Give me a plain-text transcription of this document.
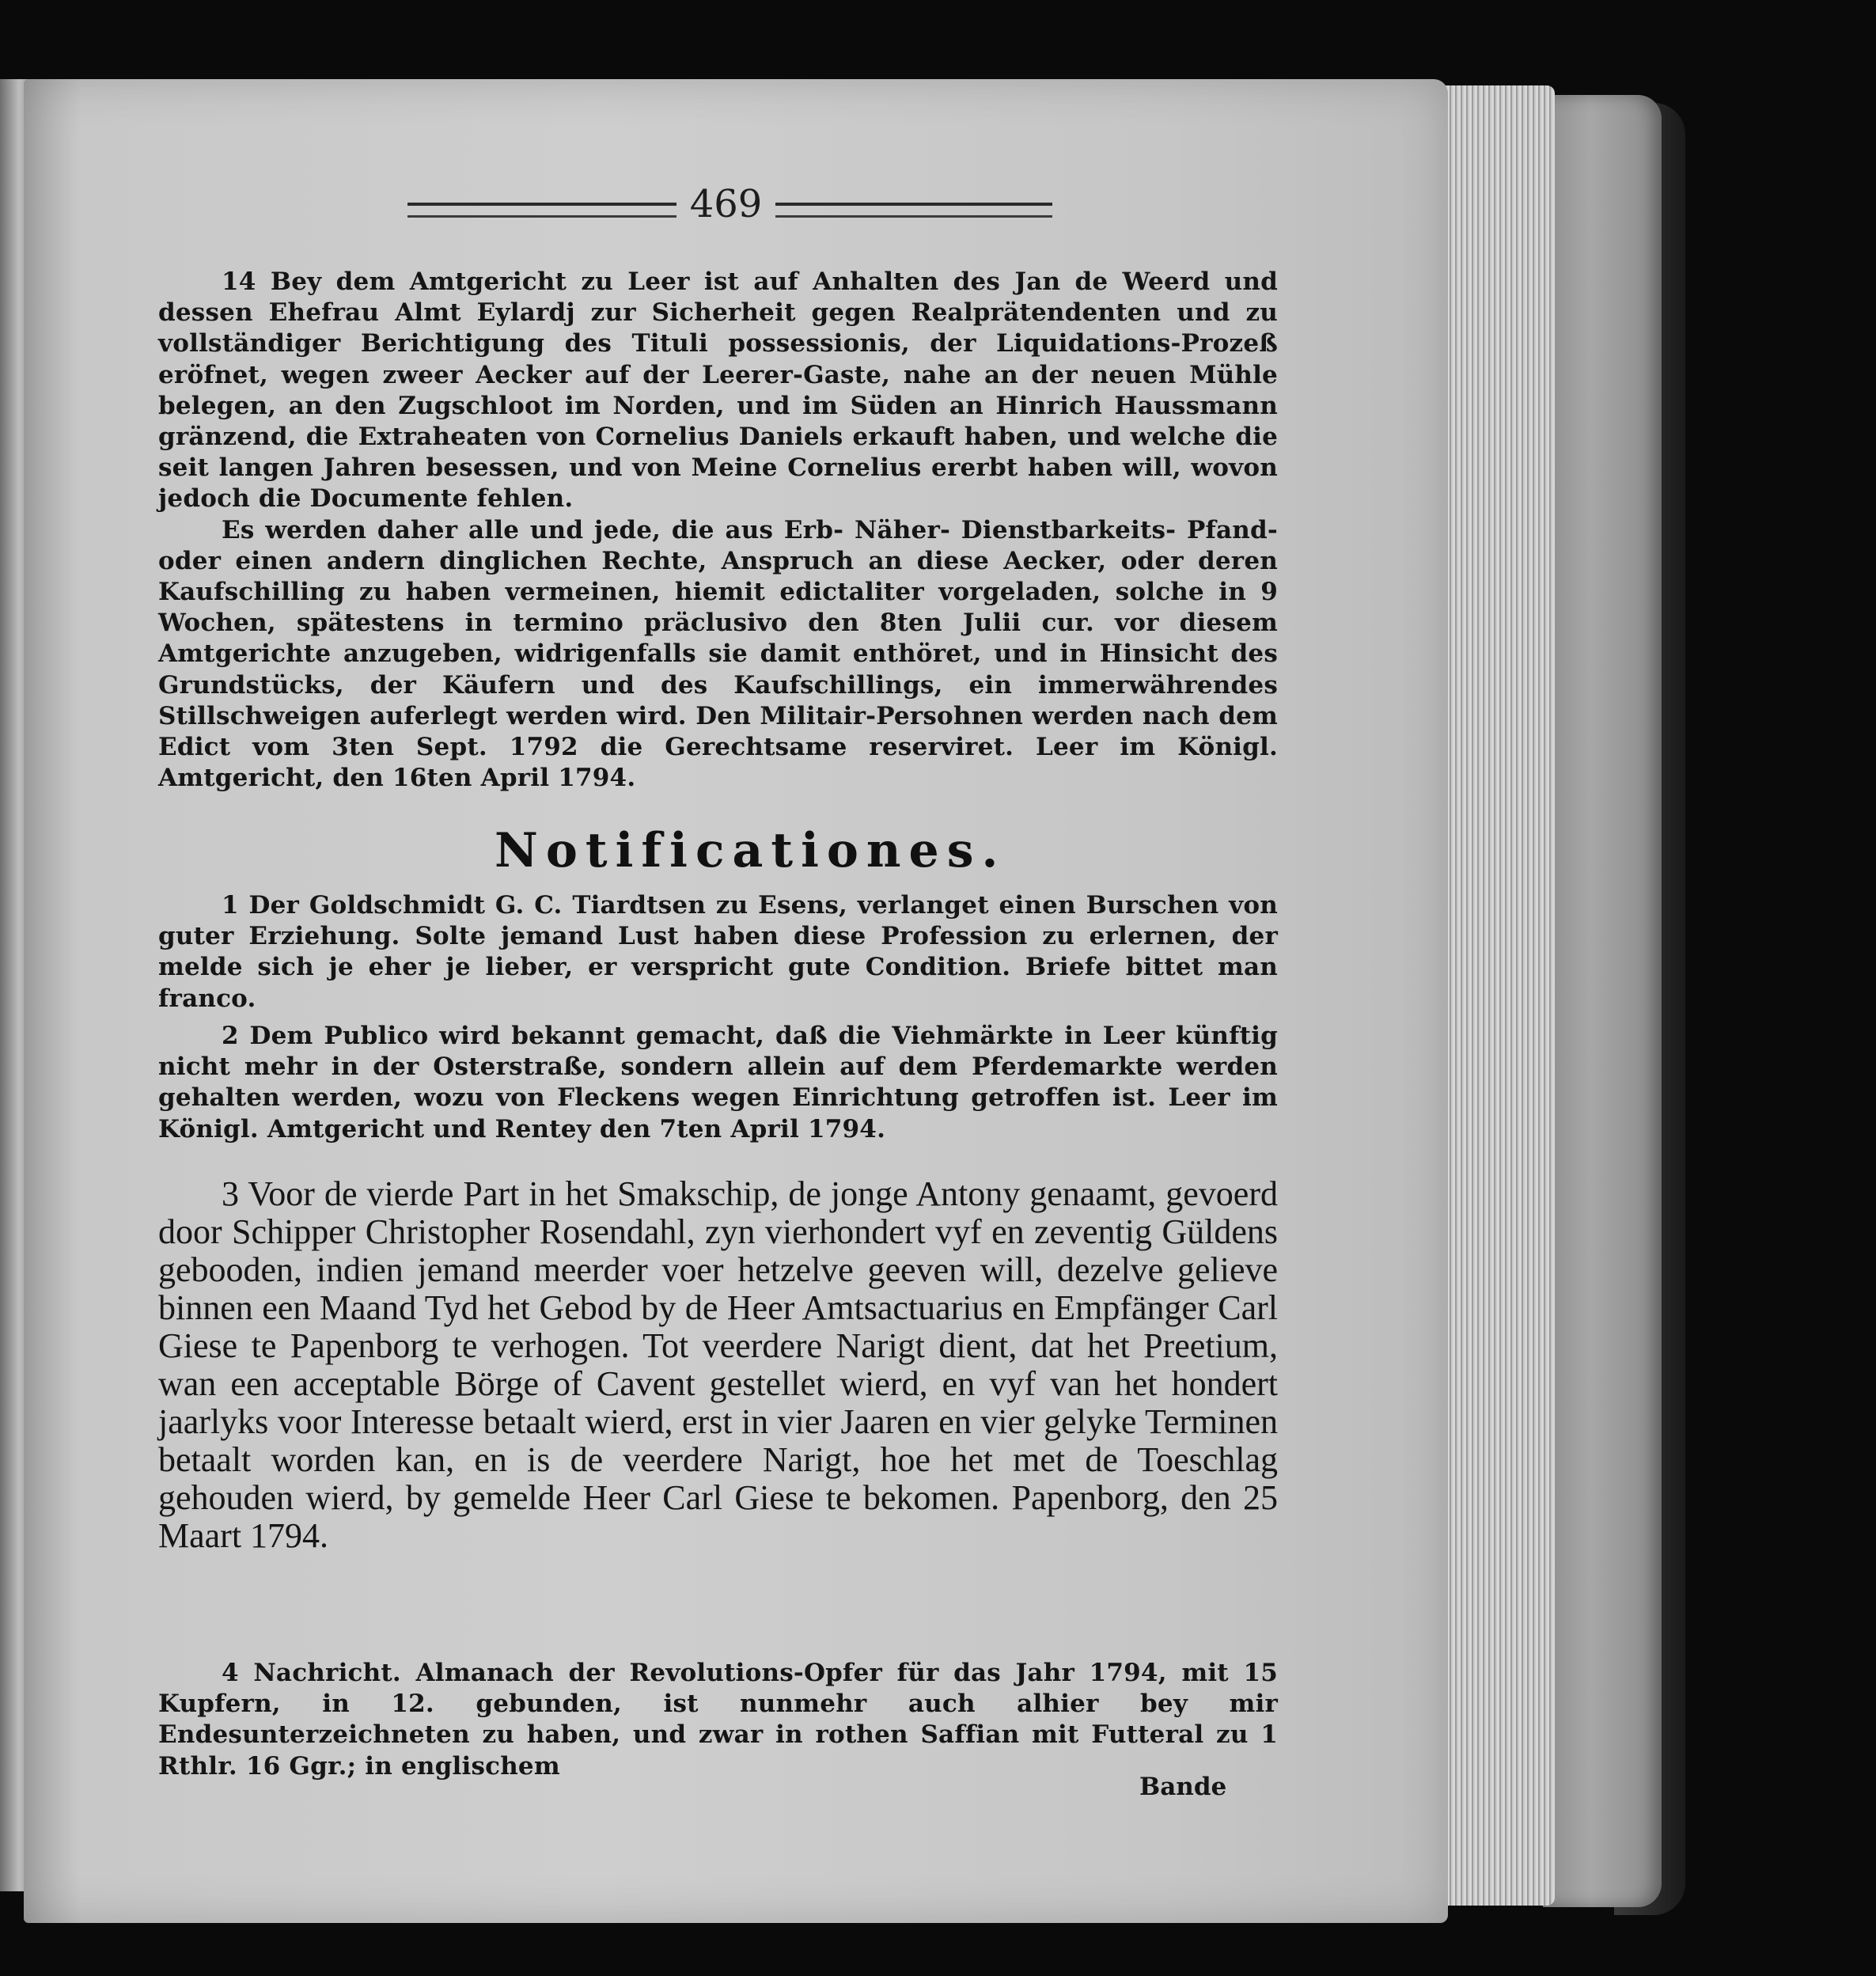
469

14 Bey dem Amtgericht zu Leer ist auf Anhalten des Jan de Weerd und dessen Ehefrau Almt Eylardj zur Sicherheit gegen Realprätendenten und zu vollständiger Berichtigung des Tituli possessionis, der Liquidations-Prozeß eröfnet, wegen zweer Aecker auf der Leerer-Gaste, nahe an der neuen Mühle belegen, an den Zugschloot im Norden, und im Süden an Hinrich Haussmann gränzend, die Extraheaten von Cornelius Daniels erkauft haben, und welche die seit langen Jahren besessen, und von Meine Cornelius ererbt haben will, wovon jedoch die Documente fehlen.

Es werden daher alle und jede, die aus Erb- Näher- Dienstbarkeits- Pfand- oder einen andern dinglichen Rechte, Anspruch an diese Aecker, oder deren Kaufschilling zu haben vermeinen, hiemit edictaliter vorgeladen, solche in 9 Wochen, spätestens in termino präclusivo den 8ten Julii cur. vor diesem Amtgerichte anzugeben, widrigenfalls sie damit enthöret, und in Hinsicht des Grundstücks, der Käufern und des Kaufschillings, ein immerwährendes Stillschweigen auferlegt werden wird. Den Militair-Persohnen werden nach dem Edict vom 3ten Sept. 1792 die Gerechtsame reserviret. Leer im Königl. Amtgericht, den 16ten April 1794.

Notificationes.

1 Der Goldschmidt G. C. Tiardtsen zu Esens, verlanget einen Burschen von guter Erziehung. Solte jemand Lust haben diese Profession zu erlernen, der melde sich je eher je lieber, er verspricht gute Condition. Briefe bittet man franco.

2 Dem Publico wird bekannt gemacht, daß die Viehmärkte in Leer künftig nicht mehr in der Osterstraße, sondern allein auf dem Pferdemarkte werden gehalten werden, wozu von Fleckens wegen Einrichtung getroffen ist. Leer im Königl. Amtgericht und Rentey den 7ten April 1794.

3 Voor de vierde Part in het Smakschip, de jonge Antony genaamt, gevoerd door Schipper Christopher Rosendahl, zyn vierhondert vyf en zeventig Güldens gebooden, indien jemand meerder voer hetzelve geeven will, dezelve gelieve binnen een Maand Tyd het Gebod by de Heer Amtsactuarius en Empfänger Carl Giese te Papenborg te verhogen. Tot veerdere Narigt dient, dat het Preetium, wan een acceptable Börge of Cavent gestellet wierd, en vyf van het hondert jaarlyks voor Interesse betaalt wierd, erst in vier Jaaren en vier gelyke Terminen betaalt worden kan, en is de veerdere Narigt, hoe het met de Toeschlag gehouden wierd, by gemelde Heer Carl Giese te bekomen. Papenborg, den 25 Maart 1794.

4 Nachricht. Almanach der Revolutions-Opfer für das Jahr 1794, mit 15 Kupfern, in 12. gebunden, ist nunmehr auch alhier bey mir Endesunterzeichneten zu haben, und zwar in rothen Saffian mit Futteral zu 1 Rthlr. 16 Ggr.; in englischem

Bande
